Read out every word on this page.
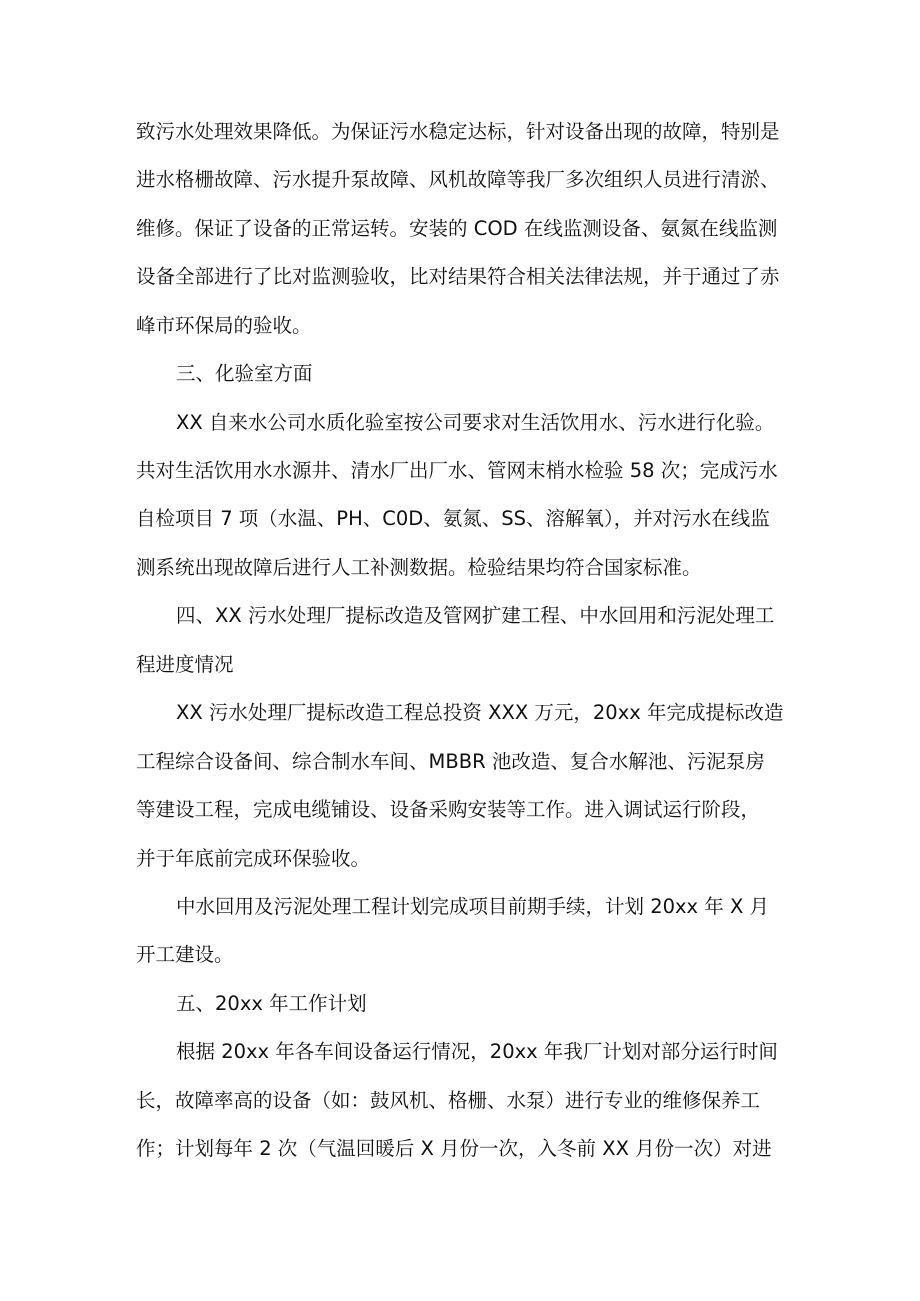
致污水处理效果降低。为保证污水稳定达标，针对设备出现的故障，特别是
进水格栅故障、污水提升泵故障、风机故障等我厂多次组织人员进行清淤、
维修。保证了设备的正常运转。安装的 COD 在线监测设备、氨氮在线监测
设备全部进行了比对监测验收，比对结果符合相关法律法规，并于通过了赤
峰市环保局的验收。
三、化验室方面
XX 自来水公司水质化验室按公司要求对生活饮用水、污水进行化验。
共对生活饮用水水源井、清水厂出厂水、管网末梢水检验 58 次；完成污水
自检项目 7 项（水温、PH、C0D、氨氮、SS、溶解氧），并对污水在线监
测系统出现故障后进行人工补测数据。检验结果均符合国家标准。
四、XX 污水处理厂提标改造及管网扩建工程、中水回用和污泥处理工
程进度情况
XX 污水处理厂提标改造工程总投资 XXX 万元，20xx 年完成提标改造
工程综合设备间、综合制水车间、MBBR 池改造、复合水解池、污泥泵房
等建设工程，完成电缆铺设、设备采购安装等工作。进入调试运行阶段，
并于年底前完成环保验收。
中水回用及污泥处理工程计划完成项目前期手续，计划 20xx 年 X 月
开工建设。
五、20xx 年工作计划
根据 20xx 年各车间设备运行情况，20xx 年我厂计划对部分运行时间
长，故障率高的设备（如：鼓风机、格栅、水泵）进行专业的维修保养工
作；计划每年 2 次（气温回暖后 X 月份一次，入冬前 XX 月份一次）对进
